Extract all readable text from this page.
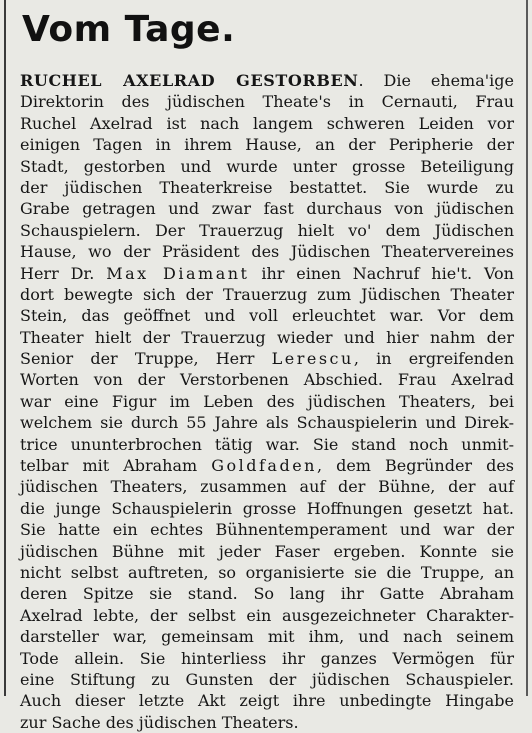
Vom Tage.
RUCHEL AXELRAD GESTORBEN. Die ehema'ige
Direktorin des jüdischen Theate's in Cernauti, Frau
Ruchel Axelrad ist nach langem schweren Leiden vor
einigen Tagen in ihrem Hause, an der Peripherie der
Stadt, gestorben und wurde unter grosse Beteiligung
der jüdischen Theaterkreise bestattet. Sie wurde zu
Grabe getragen und zwar fast durchaus von jüdischen
Schauspielern. Der Trauerzug hielt vo' dem Jüdischen
Hause, wo der Präsident des Jüdischen Theatervereines
Herr Dr. Max Diamant ihr einen Nachruf hie't. Von
dort bewegte sich der Trauerzug zum Jüdischen Theater
Stein, das geöffnet und voll erleuchtet war. Vor dem
Theater hielt der Trauerzug wieder und hier nahm der
Senior der Truppe, Herr Lerescu, in ergreifenden
Worten von der Verstorbenen Abschied. Frau Axelrad
war eine Figur im Leben des jüdischen Theaters, bei
welchem sie durch 55 Jahre als Schauspielerin und Direk-
trice ununterbrochen tätig war. Sie stand noch unmit-
telbar mit Abraham Goldfaden, dem Begründer des
jüdischen Theaters, zusammen auf der Bühne, der auf
die junge Schauspielerin grosse Hoffnungen gesetzt hat.
Sie hatte ein echtes Bühnentemperament und war der
jüdischen Bühne mit jeder Faser ergeben. Konnte sie
nicht selbst auftreten, so organisierte sie die Truppe, an
deren Spitze sie stand. So lang ihr Gatte Abraham
Axelrad lebte, der selbst ein ausgezeichneter Charakter-
darsteller war, gemeinsam mit ihm, und nach seinem
Tode allein. Sie hinterliess ihr ganzes Vermögen für
eine Stiftung zu Gunsten der jüdischen Schauspieler.
Auch dieser letzte Akt zeigt ihre unbedingte Hingabe
zur Sache des jüdischen Theaters.
